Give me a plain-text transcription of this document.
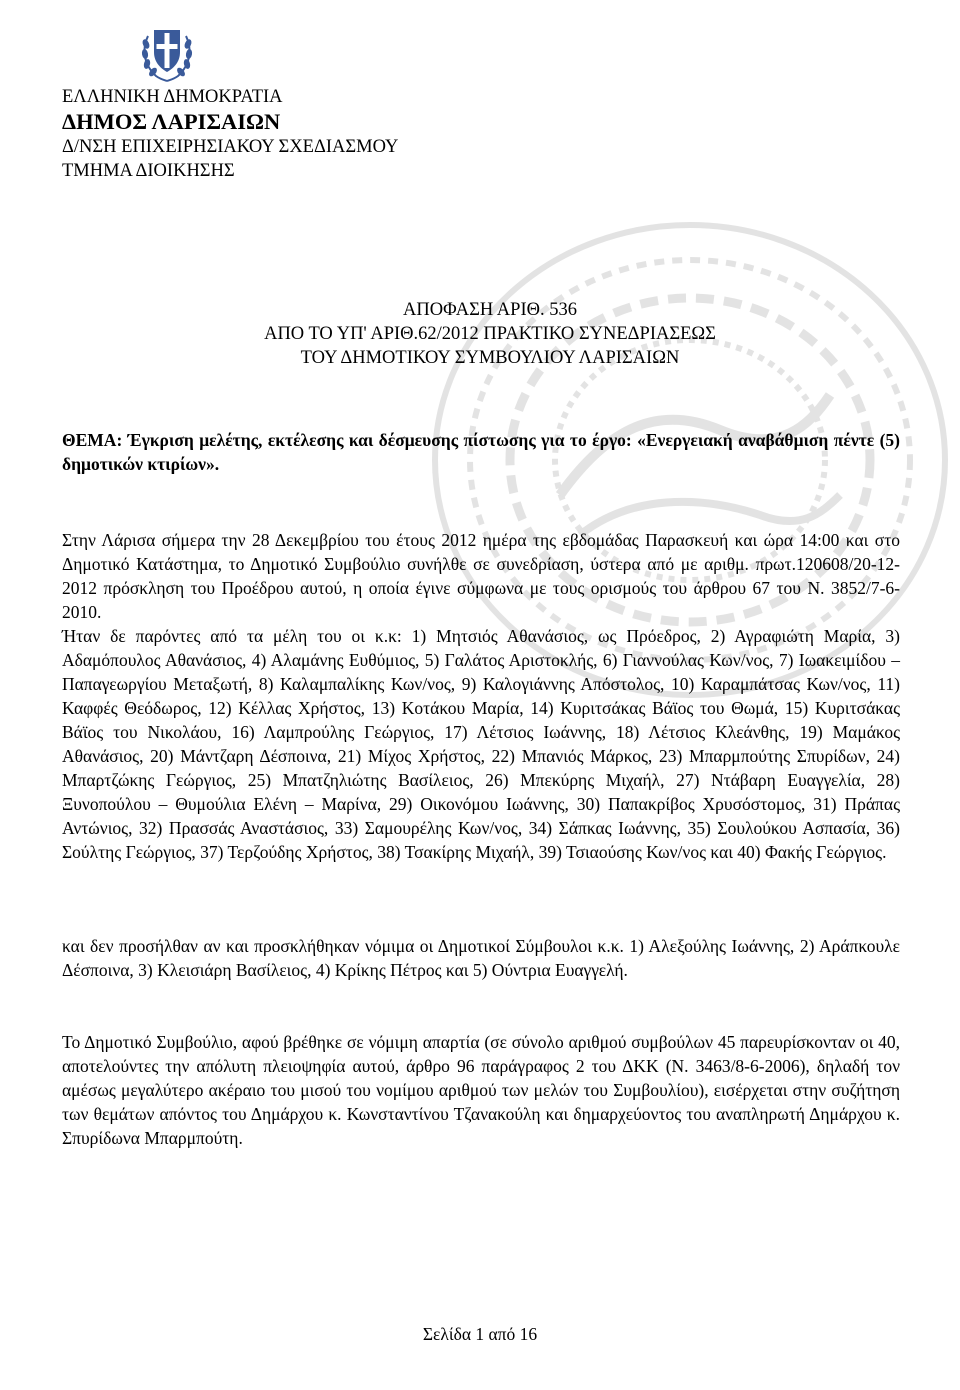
ΕΛΛΗΝΙΚΗ ΔΗΜΟΚΡΑΤΙΑ
ΔΗΜΟΣ ΛΑΡΙΣΑΙΩΝ
Δ/ΝΣΗ ΕΠΙΧΕΙΡΗΣΙΑΚΟΥ ΣΧΕΔΙΑΣΜΟΥ
ΤΜΗΜΑ ΔΙΟΙΚΗΣΗΣ
ΑΠΟΦΑΣΗ ΑΡΙΘ. 536
ΑΠΟ ΤΟ ΥΠ' ΑΡΙΘ.62/2012 ΠΡΑΚΤΙΚΟ ΣΥΝΕΔΡΙΑΣΕΩΣ
ΤΟΥ ΔΗΜΟΤΙΚΟΥ ΣΥΜΒΟΥΛΙΟΥ ΛΑΡΙΣΑΙΩΝ
ΘΕΜΑ: Έγκριση μελέτης, εκτέλεσης και δέσμευσης πίστωσης για το έργο: «Ενεργειακή αναβάθμιση πέντε (5) δημοτικών κτιρίων».
Στην Λάρισα σήμερα την 28 Δεκεμβρίου του έτους 2012 ημέρα της εβδομάδας Παρασκευή και ώρα 14:00 και στο Δημοτικό Κατάστημα, το Δημοτικό Συμβούλιο συνήλθε σε συνεδρίαση, ύστερα από με αριθμ. πρωτ.120608/20-12-2012 πρόσκληση του Προέδρου αυτού, η οποία έγινε σύμφωνα με τους ορισμούς του άρθρου 67 του Ν. 3852/7-6-2010.
Ήταν δε παρόντες από τα μέλη του οι κ.κ: 1) Μητσιός Αθανάσιος, ως Πρόεδρος, 2) Αγραφιώτη Μαρία, 3) Αδαμόπουλος Αθανάσιος, 4) Αλαμάνης Ευθύμιος, 5) Γαλάτος Αριστοκλής, 6) Γιαννούλας Κων/νος, 7) Ιωακειμίδου – Παπαγεωργίου Μεταξωτή, 8) Καλαμπαλίκης Κων/νος, 9) Καλογιάννης Απόστολος, 10) Καραμπάτσας Κων/νος, 11) Καφφές Θεόδωρος, 12) Κέλλας Χρήστος, 13) Κοτάκου Μαρία, 14) Κυριτσάκας Βάϊος του Θωμά, 15) Κυριτσάκας Βάϊος του Νικολάου, 16) Λαμπρούλης Γεώργιος, 17) Λέτσιος Ιωάννης, 18) Λέτσιος Κλεάνθης, 19) Μαμάκος Αθανάσιος, 20) Μάντζαρη Δέσποινα, 21) Μίχος Χρήστος, 22) Μπανιός Μάρκος, 23) Μπαρμπούτης Σπυρίδων, 24) Μπαρτζώκης Γεώργιος, 25) Μπατζηλιώτης Βασίλειος, 26) Μπεκύρης Μιχαήλ, 27) Ντάβαρη Ευαγγελία, 28) Ξυνοπούλου – Θυμούλια Ελένη – Μαρίνα, 29) Οικονόμου Ιωάννης, 30) Παπακρίβος Χρυσόστομος, 31) Πράπας Αντώνιος, 32) Πρασσάς Αναστάσιος, 33) Σαμουρέλης Κων/νος, 34) Σάπκας Ιωάννης, 35) Σουλούκου Ασπασία, 36) Σούλτης Γεώργιος, 37) Τερζούδης Χρήστος, 38) Τσακίρης Μιχαήλ, 39) Τσιαούσης Κων/νος και 40) Φακής Γεώργιος.
και δεν προσήλθαν αν και προσκλήθηκαν νόμιμα οι Δημοτικοί Σύμβουλοι κ.κ. 1) Αλεξούλης Ιωάννης, 2) Αράπκουλε Δέσποινα, 3) Κλεισιάρη Βασίλειος, 4) Κρίκης Πέτρος και 5) Ούντρια Ευαγγελή.
Το Δημοτικό Συμβούλιο, αφού βρέθηκε σε νόμιμη απαρτία (σε σύνολο αριθμού συμβούλων 45 παρευρίσκονταν οι 40, αποτελούντες την απόλυτη πλειοψηφία αυτού, άρθρο 96 παράγραφος 2 του ΔΚΚ (Ν. 3463/8-6-2006), δηλαδή τον αμέσως μεγαλύτερο ακέραιο του μισού του νομίμου αριθμού των μελών του Συμβουλίου), εισέρχεται στην συζήτηση των θεμάτων απόντος του Δημάρχου κ. Κωνσταντίνου Τζανακούλη και δημαρχεύοντος του αναπληρωτή Δημάρχου κ. Σπυρίδωνα Μπαρμπούτη.
Σελίδα 1 από 16
